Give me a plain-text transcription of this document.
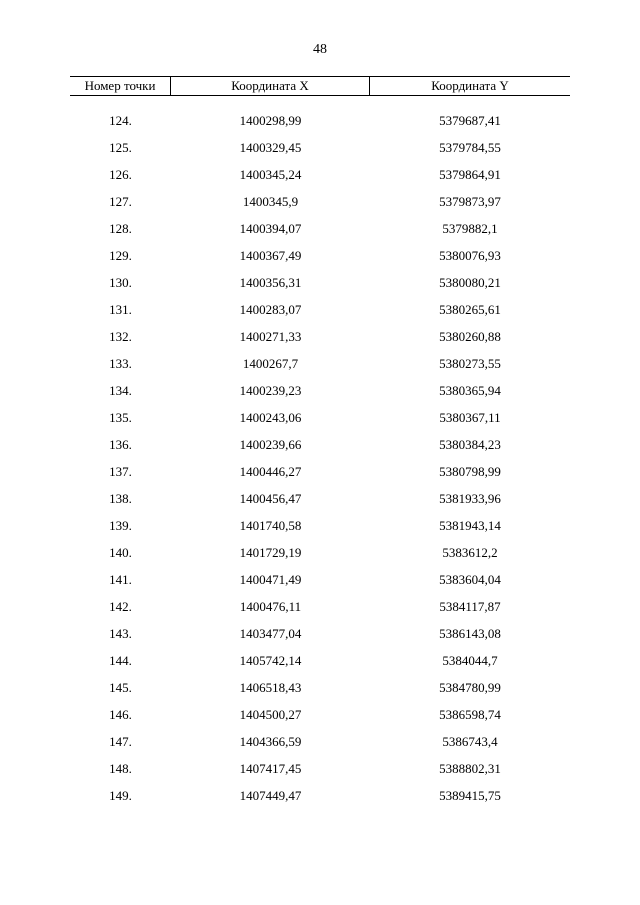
48
Номер точки	Координата X	Координата Y
124.	1400298,99	5379687,41
125.	1400329,45	5379784,55
126.	1400345,24	5379864,91
127.	1400345,9	5379873,97
128.	1400394,07	5379882,1
129.	1400367,49	5380076,93
130.	1400356,31	5380080,21
131.	1400283,07	5380265,61
132.	1400271,33	5380260,88
133.	1400267,7	5380273,55
134.	1400239,23	5380365,94
135.	1400243,06	5380367,11
136.	1400239,66	5380384,23
137.	1400446,27	5380798,99
138.	1400456,47	5381933,96
139.	1401740,58	5381943,14
140.	1401729,19	5383612,2
141.	1400471,49	5383604,04
142.	1400476,11	5384117,87
143.	1403477,04	5386143,08
144.	1405742,14	5384044,7
145.	1406518,43	5384780,99
146.	1404500,27	5386598,74
147.	1404366,59	5386743,4
148.	1407417,45	5388802,31
149.	1407449,47	5389415,75
